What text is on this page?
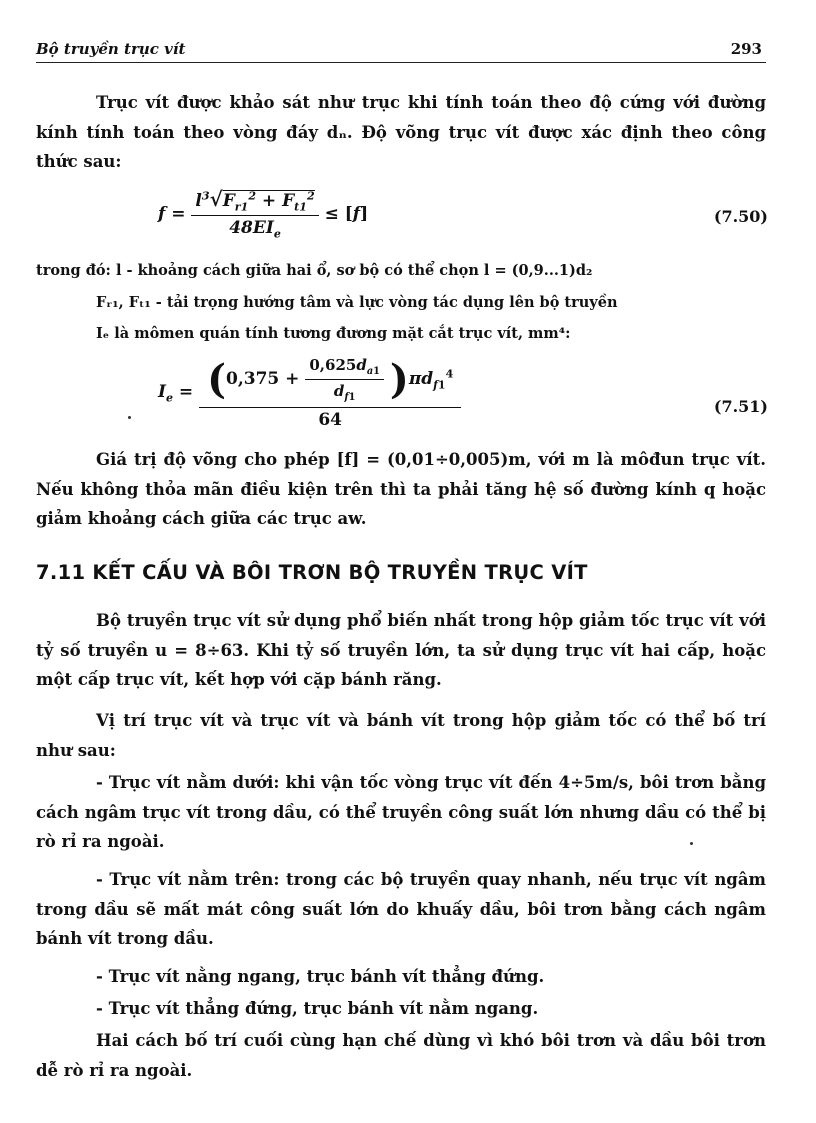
Bộ truyền trục vít	293
Trục vít được khảo sát như trục khi tính toán theo độ cứng với đường kính tính toán theo vòng đáy dₙ. Độ võng trục vít được xác định theo công thức sau:
$f = \frac{l^3√F_{r1}^2 + F_{t1}^2}{48EI_e} \le [f]$	(7.50)
trong đó: l - khoảng cách giữa hai ổ, sơ bộ có thể chọn l = (0,9...1)d₂
Fᵣ₁, Fₜ₁ - tải trọng hướng tâm và lực vòng tác dụng lên bộ truyền
Iₑ là mômen quán tính tương đương mặt cắt trục vít, mm⁴:
$I_e = \frac{(0,375 + \frac{0,625d_{a1}}{d_{f1}} )\pi d_{f1}^4}{64}$	(7.51)
Giá trị độ võng cho phép [f] = (0,01÷0,005)m, với m là môđun trục vít. Nếu không thỏa mãn điều kiện trên thì ta phải tăng hệ số đường kính q hoặc giảm khoảng cách giữa các trục aw.
7.11 KẾT CẤU VÀ BÔI TRƠN BỘ TRUYỀN TRỤC VÍT
Bộ truyền trục vít sử dụng phổ biến nhất trong hộp giảm tốc trục vít với tỷ số truyền u = 8÷63. Khi tỷ số truyền lớn, ta sử dụng trục vít hai cấp, hoặc một cấp trục vít, kết hợp với cặp bánh răng.
Vị trí trục vít và trục vít và bánh vít trong hộp giảm tốc có thể bố trí như sau:
- Trục vít nằm dưới: khi vận tốc vòng trục vít đến 4÷5m/s, bôi trơn bằng cách ngâm trục vít trong dầu, có thể truyền công suất lớn nhưng dầu có thể bị rò rỉ ra ngoài.
- Trục vít nằm trên: trong các bộ truyền quay nhanh, nếu trục vít ngâm trong dầu sẽ mất mát công suất lớn do khuấy dầu, bôi trơn bằng cách ngâm bánh vít trong dầu.
- Trục vít nằng ngang, trục bánh vít thẳng đứng.
- Trục vít thẳng đứng, trục bánh vít nằm ngang.
Hai cách bố trí cuối cùng hạn chế dùng vì khó bôi trơn và dầu bôi trơn dễ rò rỉ ra ngoài.
